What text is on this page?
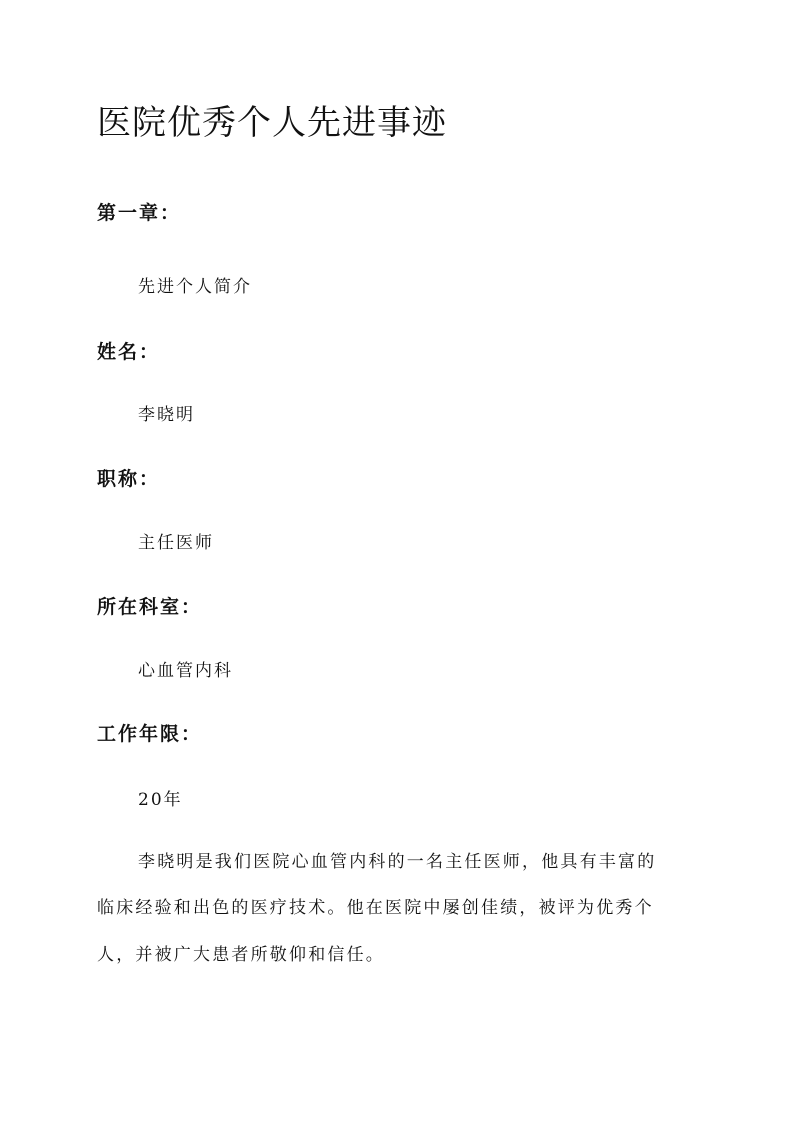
医院优秀个人先进事迹
第一章：
先进个人简介
姓名：
李晓明
职称：
主任医师
所在科室：
心血管内科
工作年限：
20年
李晓明是我们医院心血管内科的一名主任医师，他具有丰富的
临床经验和出色的医疗技术。他在医院中屡创佳绩，被评为优秀个
人，并被广大患者所敬仰和信任。
